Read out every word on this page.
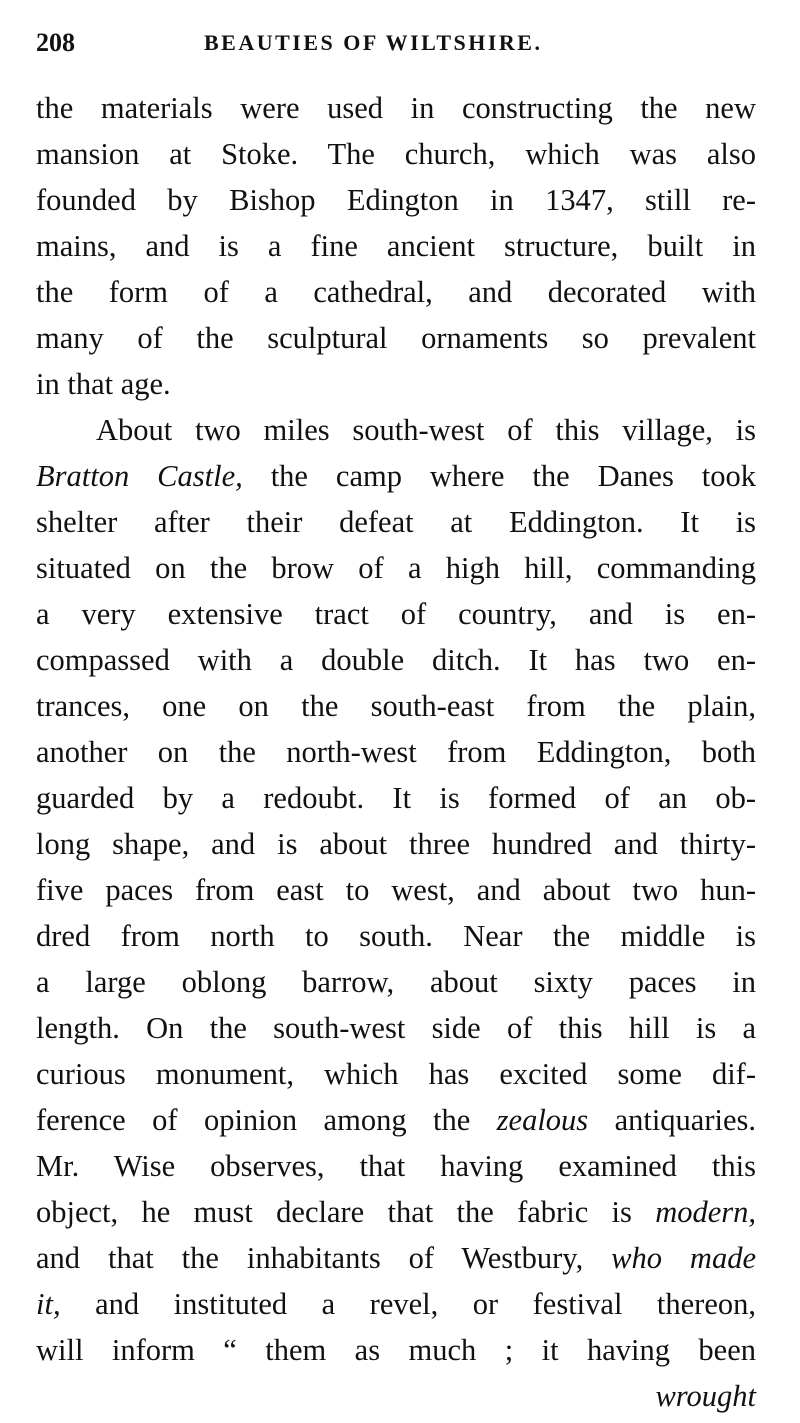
208	BEAUTIES OF WILTSHIRE.
the materials were used in constructing the new
mansion at Stoke. The church, which was also
founded by Bishop Edington in 1347, still re-
mains, and is a fine ancient structure, built in
the form of a cathedral, and decorated with
many of the sculptural ornaments so prevalent
in that age.
About two miles south-west of this village, is
Bratton Castle, the camp where the Danes took
shelter after their defeat at Eddington. It is
situated on the brow of a high hill, commanding
a very extensive tract of country, and is en-
compassed with a double ditch. It has two en-
trances, one on the south-east from the plain,
another on the north-west from Eddington, both
guarded by a redoubt. It is formed of an ob-
long shape, and is about three hundred and thirty-
five paces from east to west, and about two hun-
dred from north to south. Near the middle is
a large oblong barrow, about sixty paces in
length. On the south-west side of this hill is a
curious monument, which has excited some dif-
ference of opinion among the zealous antiquaries.
Mr. Wise observes, that having examined this
object, he must declare that the fabric is modern,
and that the inhabitants of Westbury, who made
it, and instituted a revel, or festival thereon,
will inform “ them as much ; it having been
wrought
